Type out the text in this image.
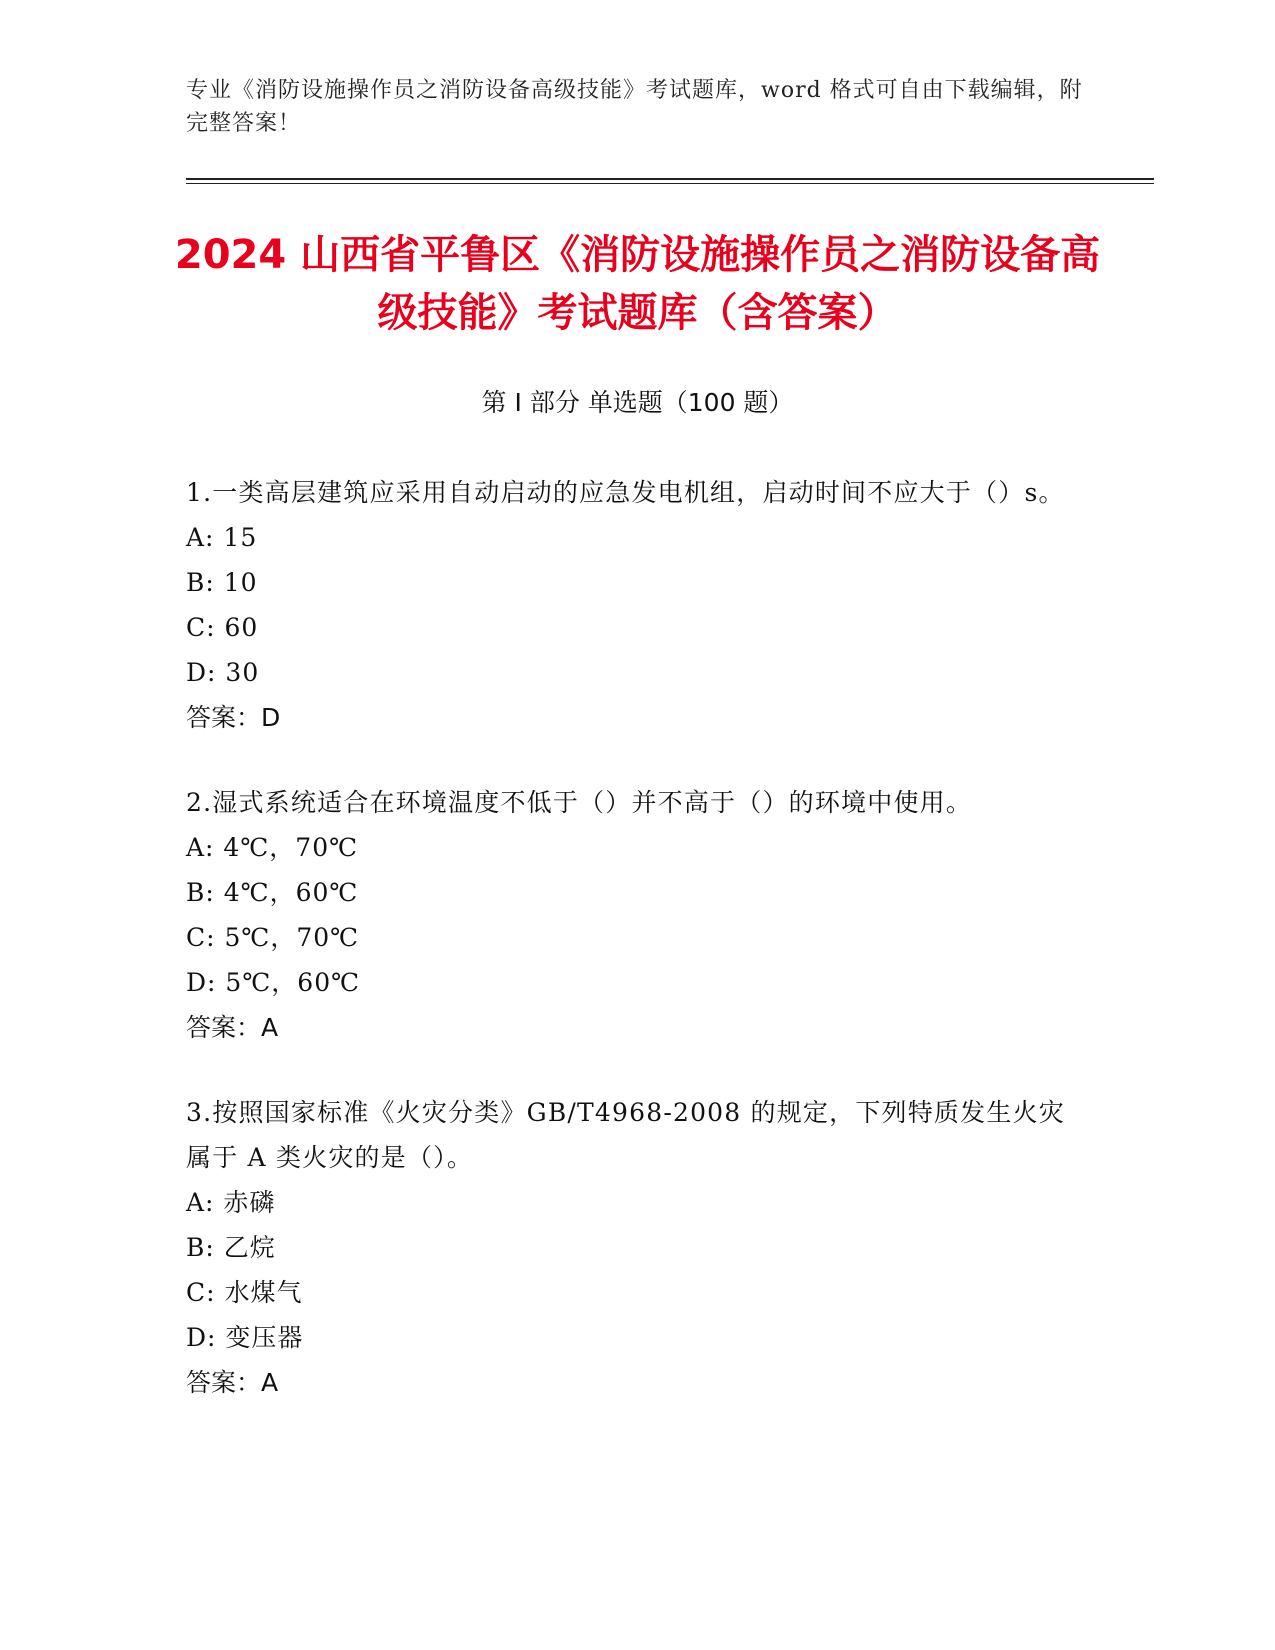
专业《消防设施操作员之消防设备高级技能》考试题库，word 格式可自由下载编辑，附完整答案！
2024 山西省平鲁区《消防设施操作员之消防设备高级技能》考试题库（含答案）
第 I 部分 单选题（100 题）
1.一类高层建筑应采用自动启动的应急发电机组，启动时间不应大于（）s。
A: 15
B: 10
C: 60
D: 30
答案：D
2.湿式系统适合在环境温度不低于（）并不高于（）的环境中使用。
A: 4℃，70℃
B: 4℃，60℃
C: 5℃，70℃
D: 5℃，60℃
答案：A
3.按照国家标准《火灾分类》GB/T4968-2008 的规定，下列特质发生火灾属于 A 类火灾的是（）。
A: 赤磷
B: 乙烷
C: 水煤气
D: 变压器
答案：A
